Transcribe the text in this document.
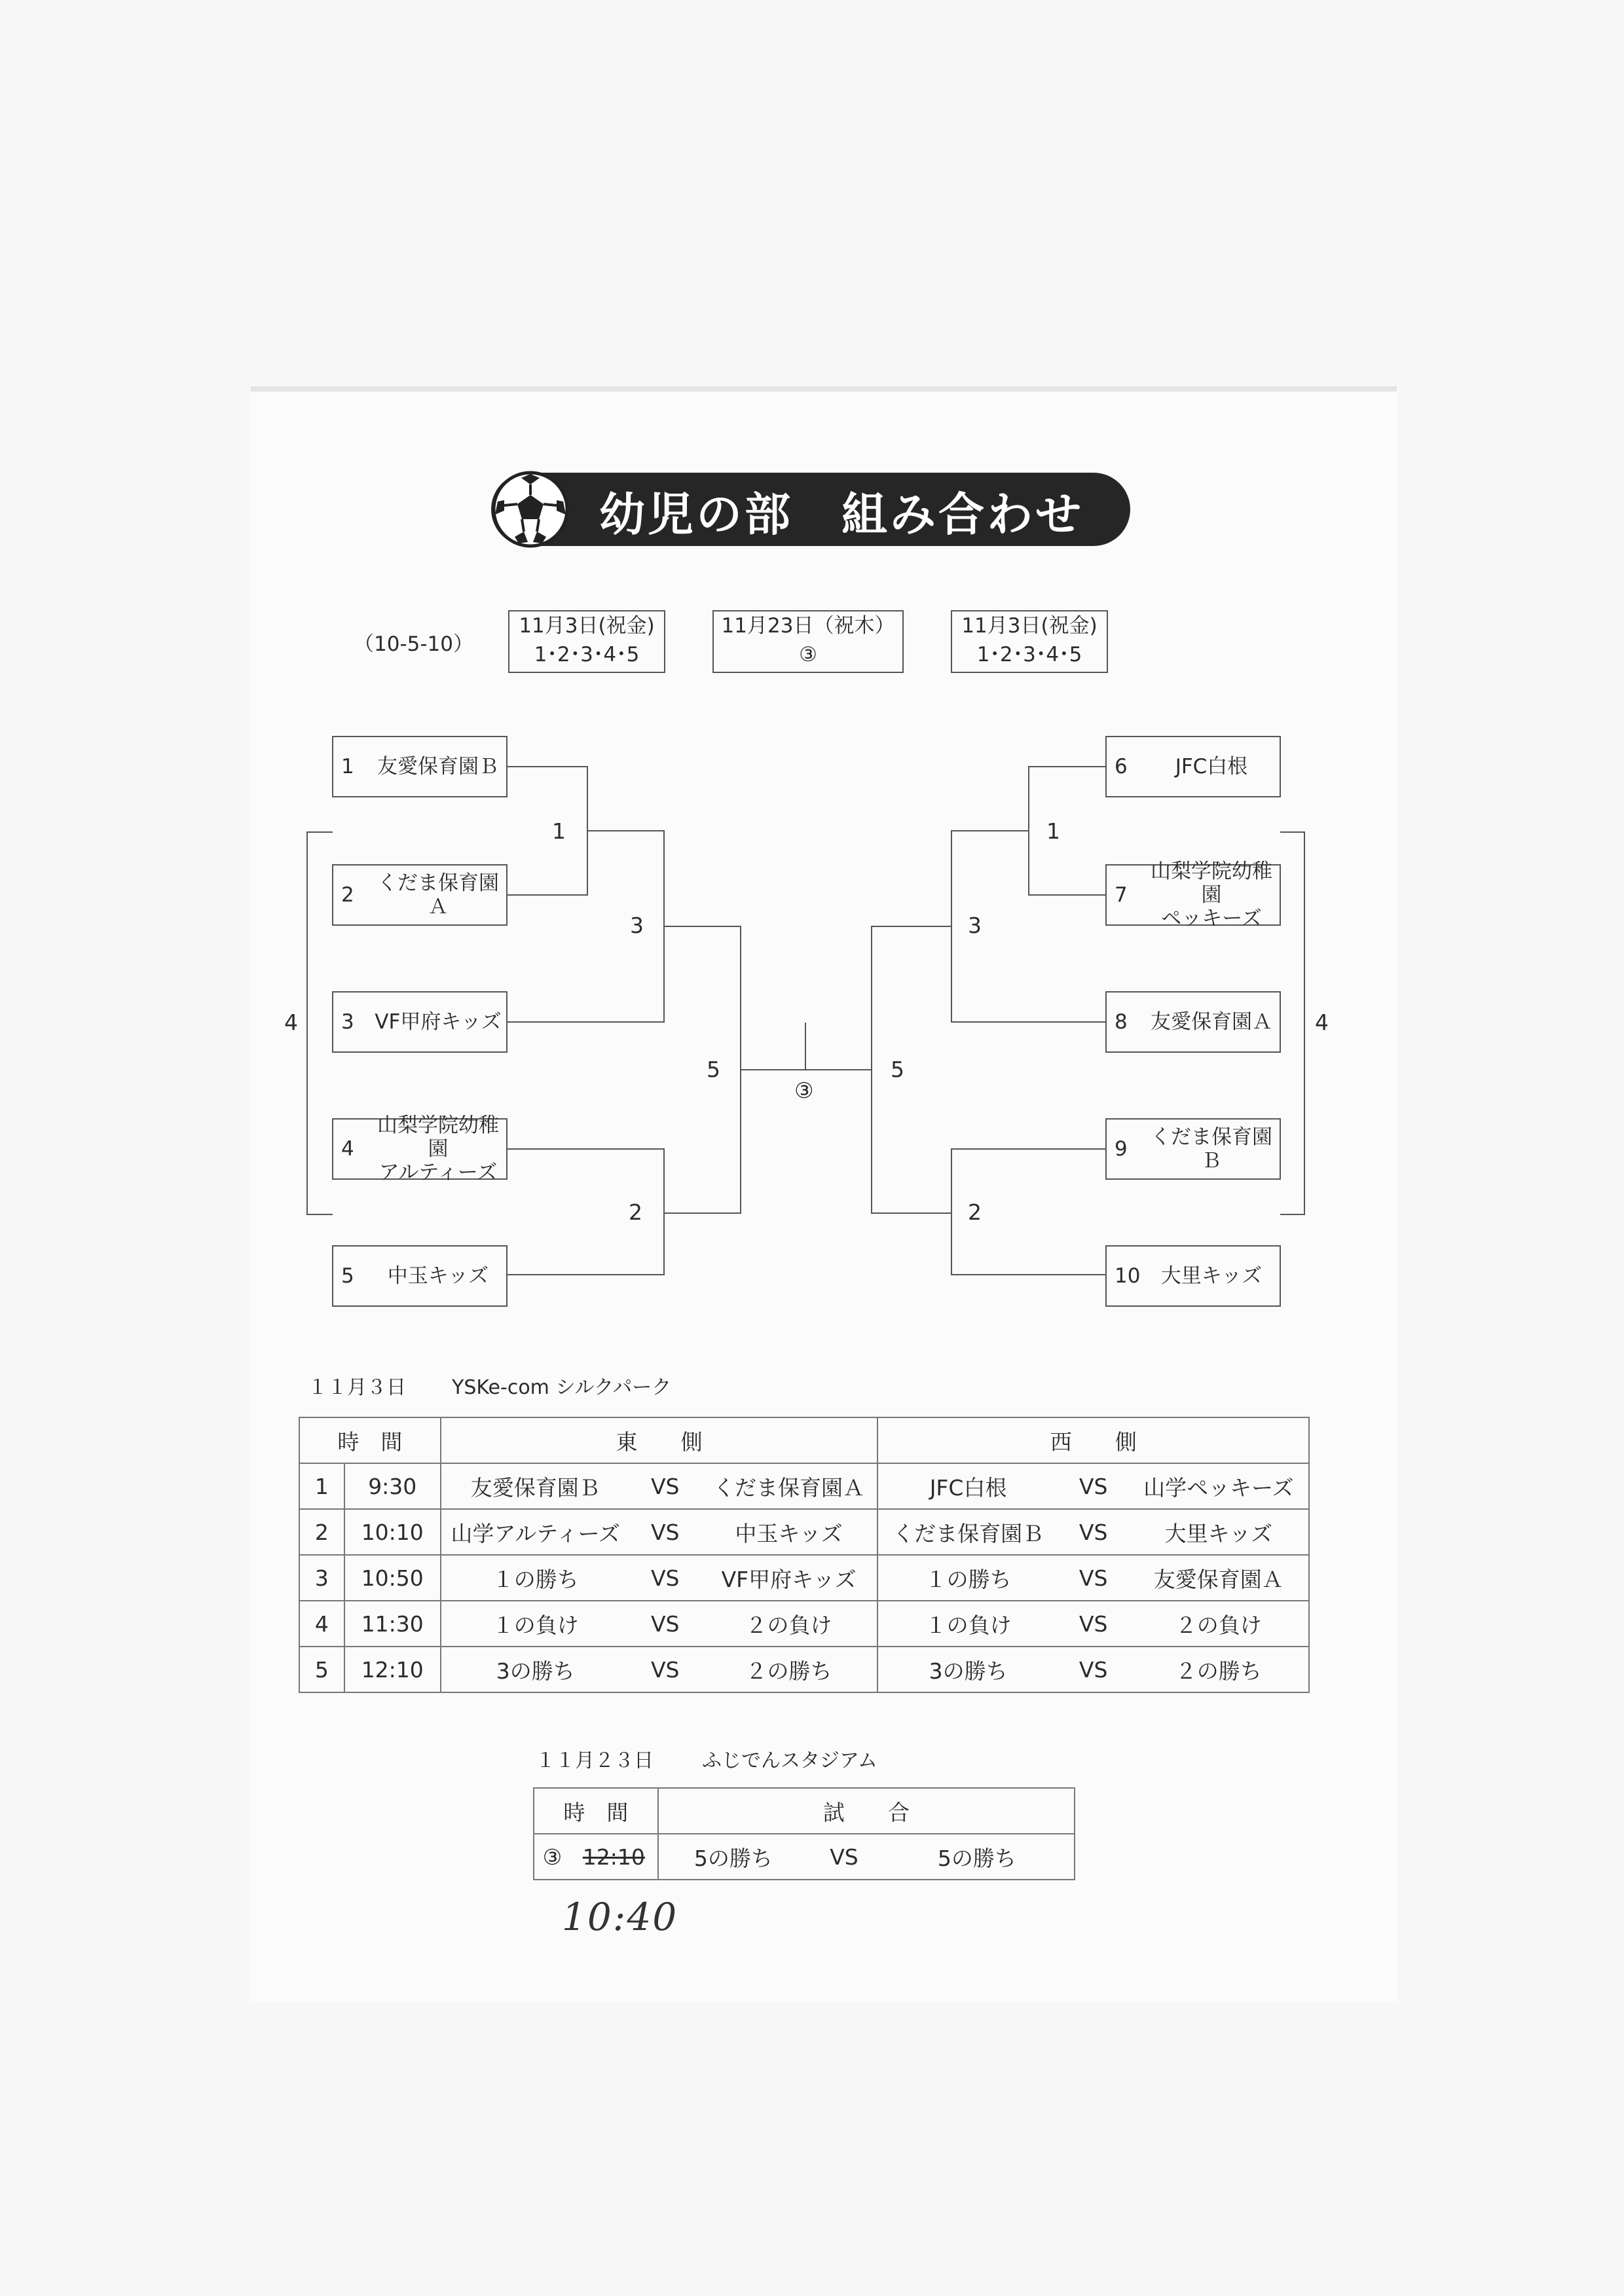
幼児の部　組み合わせ
（10-5-10）
11月3日(祝金)
1･2･3･4･5
11月23日（祝木）
③
11月3日(祝金)
1･2･3･4･5
1	友愛保育園Ｂ
2	くだま保育園Ａ
3	VF甲府キッズ
4
山梨学院幼稚園
アルティーズ
5	中玉キッズ
6	JFC白根
7
山梨学院幼稚園
ペッキーズ
8	友愛保育園Ａ
9	くだま保育園Ｂ
10	大里キッズ
1
3
4
5
2
1
3
4
5
2
③
１１月３日 YSKe-com シルクパーク
時　間		東　　側			西　　側		
1	9:30	友愛保育園Ｂ	VS	くだま保育園Ａ	JFC白根	VS	山学ペッキーズ
2	10:10	山学アルティーズ	VS	中玉キッズ	くだま保育園Ｂ	VS	大里キッズ
3	10:50	１の勝ち	VS	VF甲府キッズ	１の勝ち	VS	友愛保育園Ａ
4	11:30	１の負け	VS	２の負け	１の負け	VS	２の負け
5	12:10	3の勝ち	VS	２の勝ち	3の勝ち	VS	２の勝ち
１１月２３日 ふじでんスタジアム
時　間		試　　合		
③	12:10	5の勝ち	VS	5の勝ち
10:40
